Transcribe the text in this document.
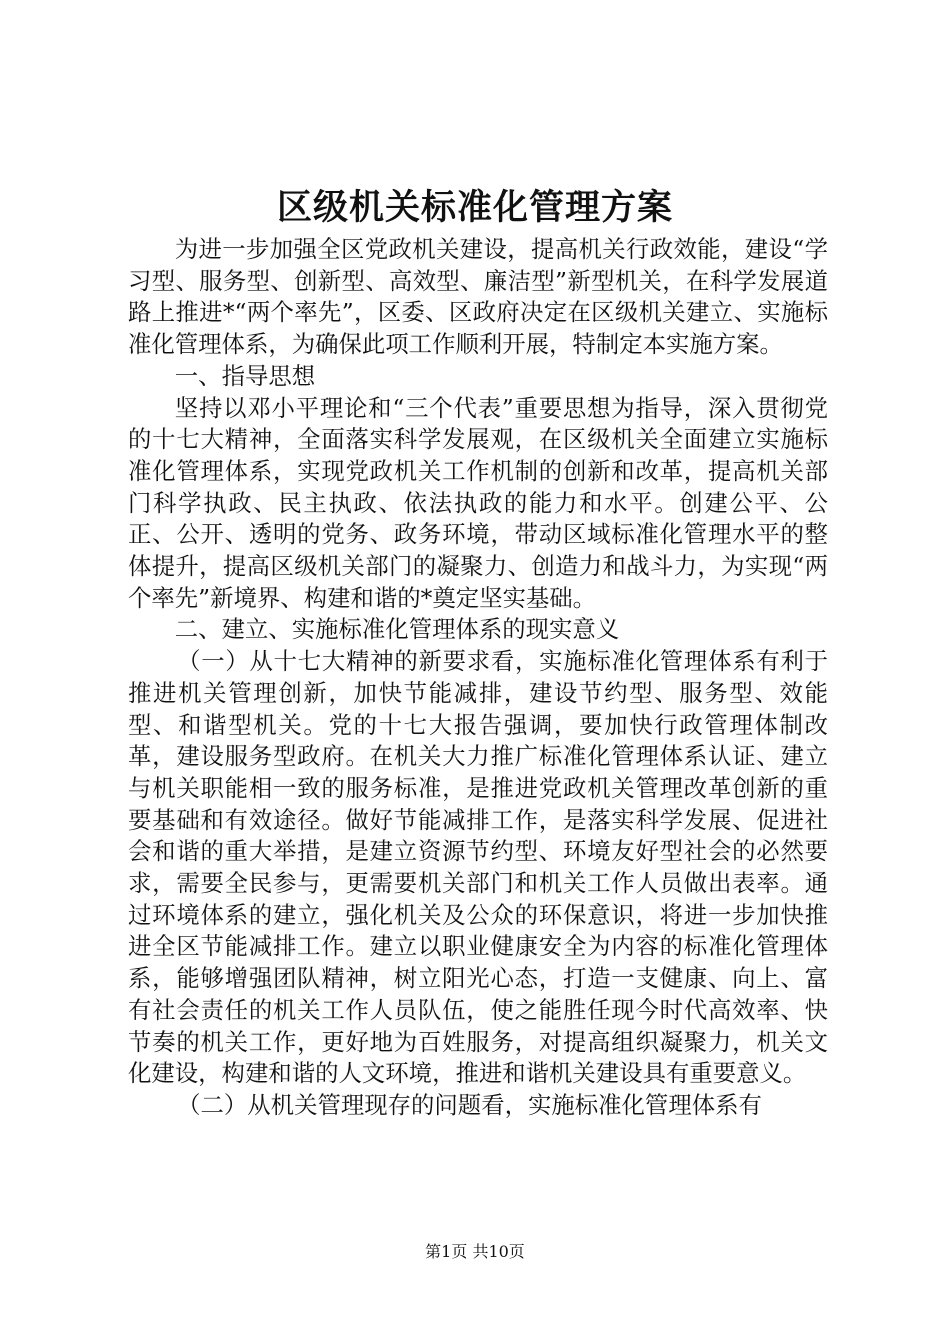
区级机关标准化管理方案

为进一步加强全区党政机关建设，提高机关行政效能，建设“学习型、服务型、创新型、高效型、廉洁型”新型机关，在科学发展道路上推进*“两个率先”，区委、区政府决定在区级机关建立、实施标准化管理体系，为确保此项工作顺利开展，特制定本实施方案。

一、指导思想

坚持以邓小平理论和“三个代表”重要思想为指导，深入贯彻党的十七大精神，全面落实科学发展观，在区级机关全面建立实施标准化管理体系，实现党政机关工作机制的创新和改革，提高机关部门科学执政、民主执政、依法执政的能力和水平。创建公平、公正、公开、透明的党务、政务环境，带动区域标准化管理水平的整体提升，提高区级机关部门的凝聚力、创造力和战斗力，为实现“两个率先”新境界、构建和谐的*奠定坚实基础。

二、建立、实施标准化管理体系的现实意义

（一）从十七大精神的新要求看，实施标准化管理体系有利于推进机关管理创新，加快节能减排，建设节约型、服务型、效能型、和谐型机关。党的十七大报告强调，要加快行政管理体制改革，建设服务型政府。在机关大力推广标准化管理体系认证、建立与机关职能相一致的服务标准，是推进党政机关管理改革创新的重要基础和有效途径。做好节能减排工作，是落实科学发展、促进社会和谐的重大举措，是建立资源节约型、环境友好型社会的必然要求，需要全民参与，更需要机关部门和机关工作人员做出表率。通过环境体系的建立，强化机关及公众的环保意识，将进一步加快推进全区节能减排工作。建立以职业健康安全为内容的标准化管理体系，能够增强团队精神，树立阳光心态，打造一支健康、向上、富有社会责任的机关工作人员队伍，使之能胜任现今时代高效率、快节奏的机关工作，更好地为百姓服务，对提高组织凝聚力，机关文化建设，构建和谐的人文环境，推进和谐机关建设具有重要意义。

（二）从机关管理现存的问题看，实施标准化管理体系有

第1页 共10页
